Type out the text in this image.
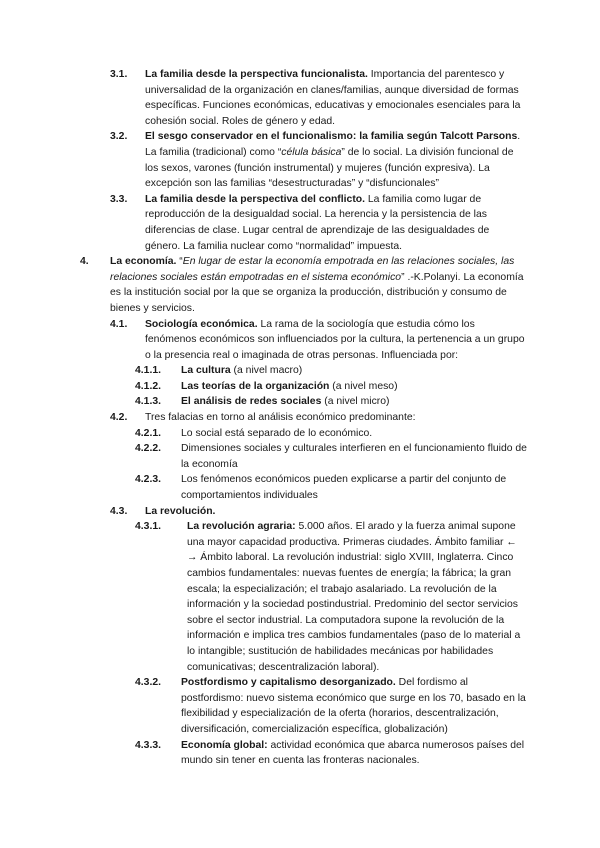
3.1. La familia desde la perspectiva funcionalista. Importancia del parentesco y universalidad de la organización en clanes/familias, aunque diversidad de formas específicas. Funciones económicas, educativas y emocionales esenciales para la cohesión social. Roles de género y edad.
3.2. El sesgo conservador en el funcionalismo: la familia según Talcott Parsons. La familia (tradicional) como “célula básica” de lo social. La división funcional de los sexos, varones (función instrumental) y mujeres (función expresiva). La excepción son las familias “desestructuradas” y “disfuncionales”
3.3. La familia desde la perspectiva del conflicto. La familia como lugar de reproducción de la desigualdad social. La herencia y la persistencia de las diferencias de clase. Lugar central de aprendizaje de las desigualdades de género. La familia nuclear como “normalidad” impuesta.
4. La economía. “En lugar de estar la economía empotrada en las relaciones sociales, las relaciones sociales están empotradas en el sistema económico” .-K.Polanyi. La economía es la institución social por la que se organiza la producción, distribución y consumo de bienes y servicios.
4.1. Sociología económica. La rama de la sociología que estudia cómo los fenómenos económicos son influenciados por la cultura, la pertenencia a un grupo o la presencia real o imaginada de otras personas. Influenciada por:
4.1.1. La cultura (a nivel macro)
4.1.2. Las teorías de la organización (a nivel meso)
4.1.3. El análisis de redes sociales (a nivel micro)
4.2. Tres falacias en torno al análisis económico predominante:
4.2.1. Lo social está separado de lo económico.
4.2.2. Dimensiones sociales y culturales interfieren en el funcionamiento fluido de la economía
4.2.3. Los fenómenos económicos pueden explicarse a partir del conjunto de comportamientos individuales
4.3. La revolución.
4.3.1.	La revolución agraria: 5.000 años. El arado y la fuerza animal supone una mayor capacidad productiva. Primeras ciudades. Ámbito familiar ← → Ámbito laboral. La revolución industrial: siglo XVIII, Inglaterra. Cinco cambios fundamentales: nuevas fuentes de energía; la fábrica; la gran escala; la especialización; el trabajo asalariado. La revolución de la información y la sociedad postindustrial. Predominio del sector servicios sobre el sector industrial. La computadora supone la revolución de la información e implica tres cambios fundamentales (paso de lo material a lo intangible; sustitución de habilidades mecánicas por habilidades comunicativas; descentralización laboral).
4.3.2. Postfordismo y capitalismo desorganizado. Del fordismo al postfordismo: nuevo sistema económico que surge en los 70, basado en la flexibilidad y especialización de la oferta (horarios, descentralización, diversificación, comercialización específica, globalización)
4.3.3. Economía global: actividad económica que abarca numerosos países del mundo sin tener en cuenta las fronteras nacionales.
